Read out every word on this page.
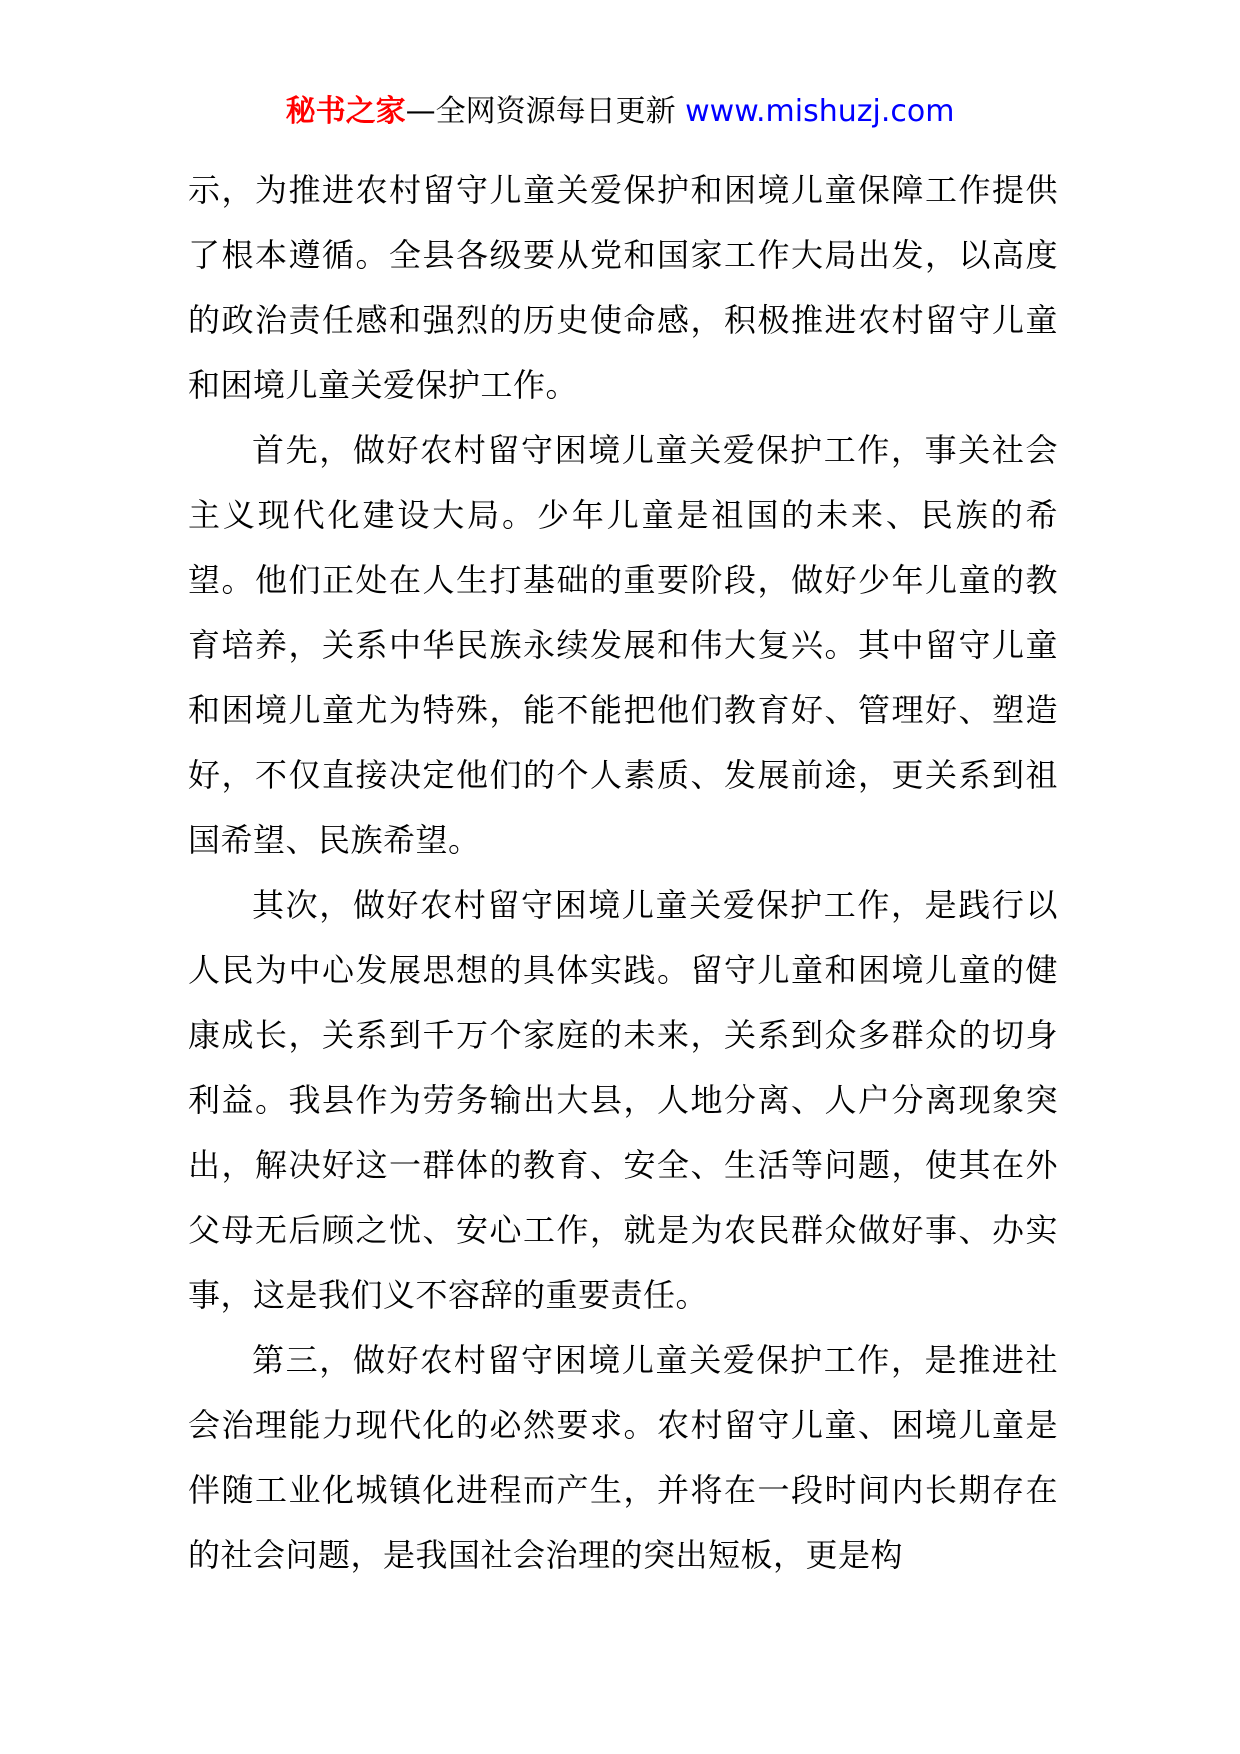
秘书之家—全网资源每日更新 www.mishuzj.com

示，为推进农村留守儿童关爱保护和困境儿童保障工作提供了根本遵循。全县各级要从党和国家工作大局出发，以高度的政治责任感和强烈的历史使命感，积极推进农村留守儿童和困境儿童关爱保护工作。

首先，做好农村留守困境儿童关爱保护工作，事关社会主义现代化建设大局。少年儿童是祖国的未来、民族的希望。他们正处在人生打基础的重要阶段，做好少年儿童的教育培养，关系中华民族永续发展和伟大复兴。其中留守儿童和困境儿童尤为特殊，能不能把他们教育好、管理好、塑造好，不仅直接决定他们的个人素质、发展前途，更关系到祖国希望、民族希望。

其次，做好农村留守困境儿童关爱保护工作，是践行以人民为中心发展思想的具体实践。留守儿童和困境儿童的健康成长，关系到千万个家庭的未来，关系到众多群众的切身利益。我县作为劳务输出大县，人地分离、人户分离现象突出，解决好这一群体的教育、安全、生活等问题，使其在外父母无后顾之忧、安心工作，就是为农民群众做好事、办实事，这是我们义不容辞的重要责任。

第三，做好农村留守困境儿童关爱保护工作，是推进社会治理能力现代化的必然要求。农村留守儿童、困境儿童是伴随工业化城镇化进程而产生，并将在一段时间内长期存在的社会问题，是我国社会治理的突出短板，更是构
